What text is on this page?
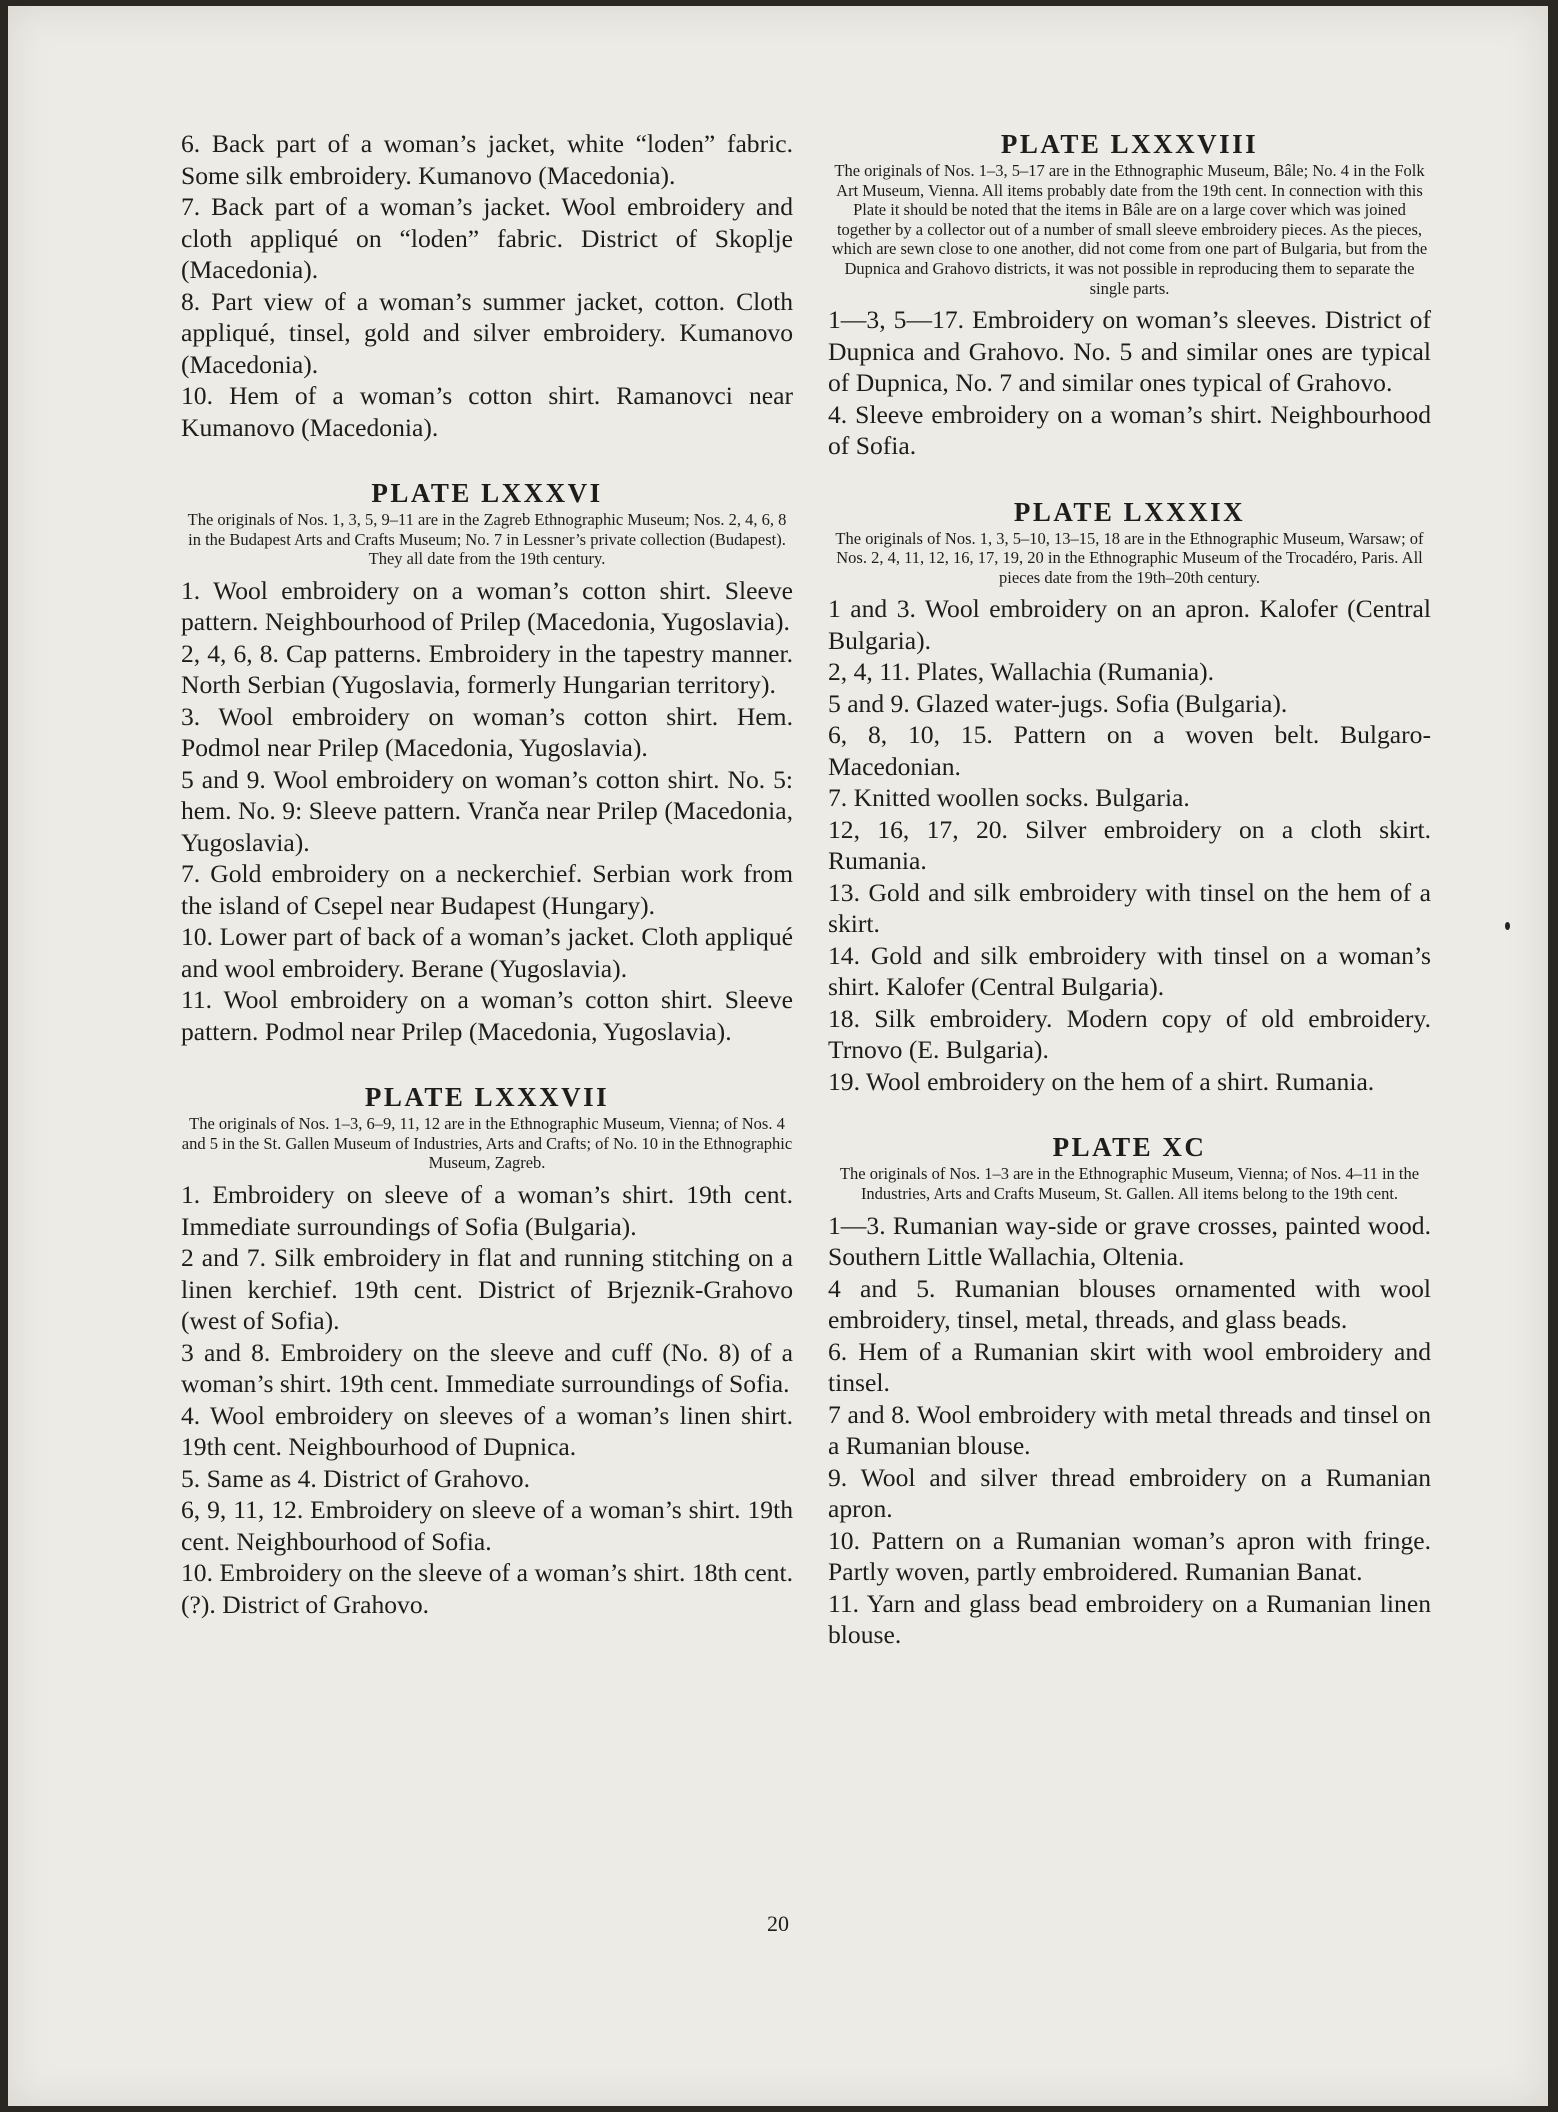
6. Back part of a woman’s jacket, white “loden” fabric. Some silk embroidery. Kumanovo (Macedonia).

7. Back part of a woman’s jacket. Wool embroidery and cloth appliqué on “loden” fabric. District of Skoplje (Macedonia).

8. Part view of a woman’s summer jacket, cotton. Cloth appliqué, tinsel, gold and silver embroidery. Kumanovo (Macedonia).

10. Hem of a woman’s cotton shirt. Ramanovci near Kumanovo (Macedonia).

PLATE LXXXVI

The originals of Nos. 1, 3, 5, 9–11 are in the Zagreb Ethnographic Museum; Nos. 2, 4, 6, 8 in the Budapest Arts and Crafts Museum; No. 7 in Lessner’s private collection (Budapest). They all date from the 19th century.

1. Wool embroidery on a woman’s cotton shirt. Sleeve pattern. Neighbourhood of Prilep (Macedonia, Yugoslavia).

2, 4, 6, 8. Cap patterns. Embroidery in the tapestry manner. North Serbian (Yugoslavia, formerly Hungarian territory).

3. Wool embroidery on woman’s cotton shirt. Hem. Podmol near Prilep (Macedonia, Yugoslavia).

5 and 9. Wool embroidery on woman’s cotton shirt. No. 5: hem. No. 9: Sleeve pattern. Vranča near Prilep (Macedonia, Yugoslavia).

7. Gold embroidery on a neckerchief. Serbian work from the island of Csepel near Budapest (Hungary).

10. Lower part of back of a woman’s jacket. Cloth appliqué and wool embroidery. Berane (Yugoslavia).

11. Wool embroidery on a woman’s cotton shirt. Sleeve pattern. Podmol near Prilep (Macedonia, Yugoslavia).

PLATE LXXXVII

The originals of Nos. 1–3, 6–9, 11, 12 are in the Ethnographic Museum, Vienna; of Nos. 4 and 5 in the St. Gallen Museum of Industries, Arts and Crafts; of No. 10 in the Ethnographic Museum, Zagreb.

1. Embroidery on sleeve of a woman’s shirt. 19th cent. Immediate surroundings of Sofia (Bulgaria).

2 and 7. Silk embroidery in flat and running stitching on a linen kerchief. 19th cent. District of Brjeznik-Grahovo (west of Sofia).

3 and 8. Embroidery on the sleeve and cuff (No. 8) of a woman’s shirt. 19th cent. Immediate surroundings of Sofia.

4. Wool embroidery on sleeves of a woman’s linen shirt. 19th cent. Neighbourhood of Dupnica.

5. Same as 4. District of Grahovo.

6, 9, 11, 12. Embroidery on sleeve of a woman’s shirt. 19th cent. Neighbourhood of Sofia.

10. Embroidery on the sleeve of a woman’s shirt. 18th cent.(?). District of Grahovo.

PLATE LXXXVIII

The originals of Nos. 1–3, 5–17 are in the Ethnographic Museum, Bâle; No. 4 in the Folk Art Museum, Vienna. All items probably date from the 19th cent. In connection with this Plate it should be noted that the items in Bâle are on a large cover which was joined together by a collector out of a number of small sleeve embroidery pieces. As the pieces, which are sewn close to one another, did not come from one part of Bulgaria, but from the Dupnica and Grahovo districts, it was not possible in reproducing them to separate the single parts.

1—3, 5—17. Embroidery on woman’s sleeves. District of Dupnica and Grahovo. No. 5 and similar ones are typical of Dupnica, No. 7 and similar ones typical of Grahovo.

4. Sleeve embroidery on a woman’s shirt. Neighbourhood of Sofia.

PLATE LXXXIX

The originals of Nos. 1, 3, 5–10, 13–15, 18 are in the Ethnographic Museum, Warsaw; of Nos. 2, 4, 11, 12, 16, 17, 19, 20 in the Ethnographic Museum of the Trocadéro, Paris. All pieces date from the 19th–20th century.

1 and 3. Wool embroidery on an apron. Kalofer (Central Bulgaria).

2, 4, 11. Plates, Wallachia (Rumania).

5 and 9. Glazed water-jugs. Sofia (Bulgaria).

6, 8, 10, 15. Pattern on a woven belt. Bulgaro-Macedonian.

7. Knitted woollen socks. Bulgaria.

12, 16, 17, 20. Silver embroidery on a cloth skirt. Rumania.

13. Gold and silk embroidery with tinsel on the hem of a skirt.

14. Gold and silk embroidery with tinsel on a woman’s shirt. Kalofer (Central Bulgaria).

18. Silk embroidery. Modern copy of old embroidery. Trnovo (E. Bulgaria).

19. Wool embroidery on the hem of a shirt. Rumania.

PLATE XC

The originals of Nos. 1–3 are in the Ethnographic Museum, Vienna; of Nos. 4–11 in the Industries, Arts and Crafts Museum, St. Gallen. All items belong to the 19th cent.

1—3. Rumanian way-side or grave crosses, painted wood. Southern Little Wallachia, Oltenia.

4 and 5. Rumanian blouses ornamented with wool embroidery, tinsel, metal, threads, and glass beads.

6. Hem of a Rumanian skirt with wool embroidery and tinsel.

7 and 8. Wool embroidery with metal threads and tinsel on a Rumanian blouse.

9. Wool and silver thread embroidery on a Rumanian apron.

10. Pattern on a Rumanian woman’s apron with fringe. Partly woven, partly embroidered. Rumanian Banat.

11. Yarn and glass bead embroidery on a Rumanian linen blouse.

20
